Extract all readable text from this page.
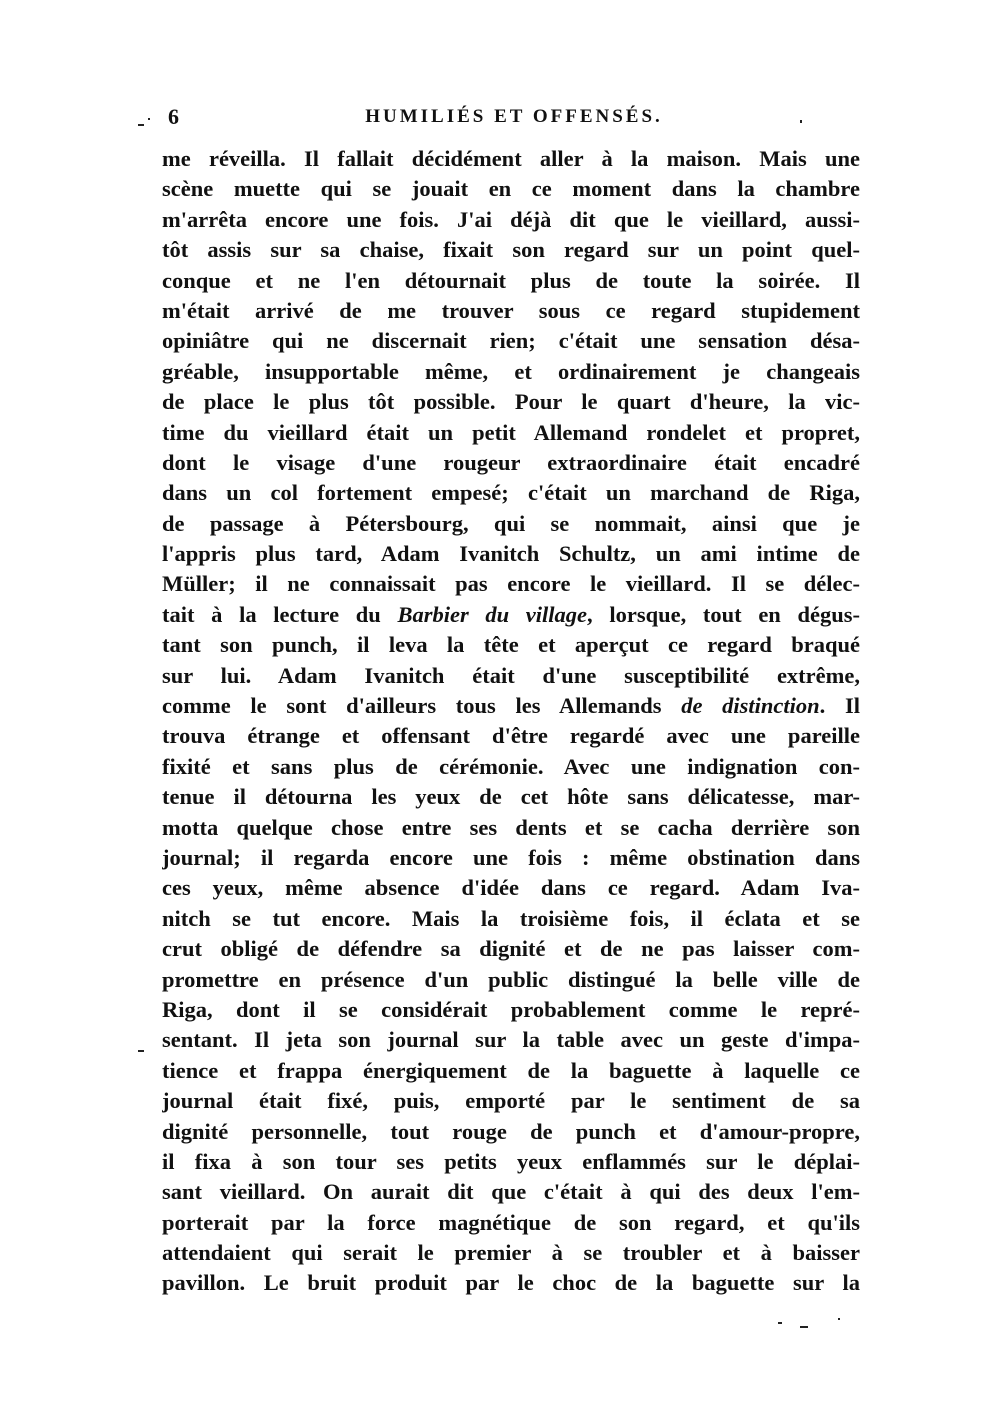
6	HUMILIÉS ET OFFENSÉS.
me réveilla. Il fallait décidément aller à la maison. Mais une
scène muette qui se jouait en ce moment dans la chambre
m'arrêta encore une fois. J'ai déjà dit que le vieillard, aussi-
tôt assis sur sa chaise, fixait son regard sur un point quel-
conque et ne l'en détournait plus de toute la soirée. Il
m'était arrivé de me trouver sous ce regard stupidement
opiniâtre qui ne discernait rien; c'était une sensation désa-
gréable, insupportable même, et ordinairement je changeais
de place le plus tôt possible. Pour le quart d'heure, la vic-
time du vieillard était un petit Allemand rondelet et propret,
dont le visage d'une rougeur extraordinaire était encadré
dans un col fortement empesé; c'était un marchand de Riga,
de passage à Pétersbourg, qui se nommait, ainsi que je
l'appris plus tard, Adam Ivanitch Schultz, un ami intime de
Müller; il ne connaissait pas encore le vieillard. Il se délec-
tait à la lecture du Barbier du village, lorsque, tout en dégus-
tant son punch, il leva la tête et aperçut ce regard braqué
sur lui. Adam Ivanitch était d'une susceptibilité extrême,
comme le sont d'ailleurs tous les Allemands de distinction. Il
trouva étrange et offensant d'être regardé avec une pareille
fixité et sans plus de cérémonie. Avec une indignation con-
tenue il détourna les yeux de cet hôte sans délicatesse, mar-
motta quelque chose entre ses dents et se cacha derrière son
journal; il regarda encore une fois : même obstination dans
ces yeux, même absence d'idée dans ce regard. Adam Iva-
nitch se tut encore. Mais la troisième fois, il éclata et se
crut obligé de défendre sa dignité et de ne pas laisser com-
promettre en présence d'un public distingué la belle ville de
Riga, dont il se considérait probablement comme le repré-
sentant. Il jeta son journal sur la table avec un geste d'impa-
tience et frappa énergiquement de la baguette à laquelle ce
journal était fixé, puis, emporté par le sentiment de sa
dignité personnelle, tout rouge de punch et d'amour-propre,
il fixa à son tour ses petits yeux enflammés sur le déplai-
sant vieillard. On aurait dit que c'était à qui des deux l'em-
porterait par la force magnétique de son regard, et qu'ils
attendaient qui serait le premier à se troubler et à baisser
pavillon. Le bruit produit par le choc de la baguette sur la
